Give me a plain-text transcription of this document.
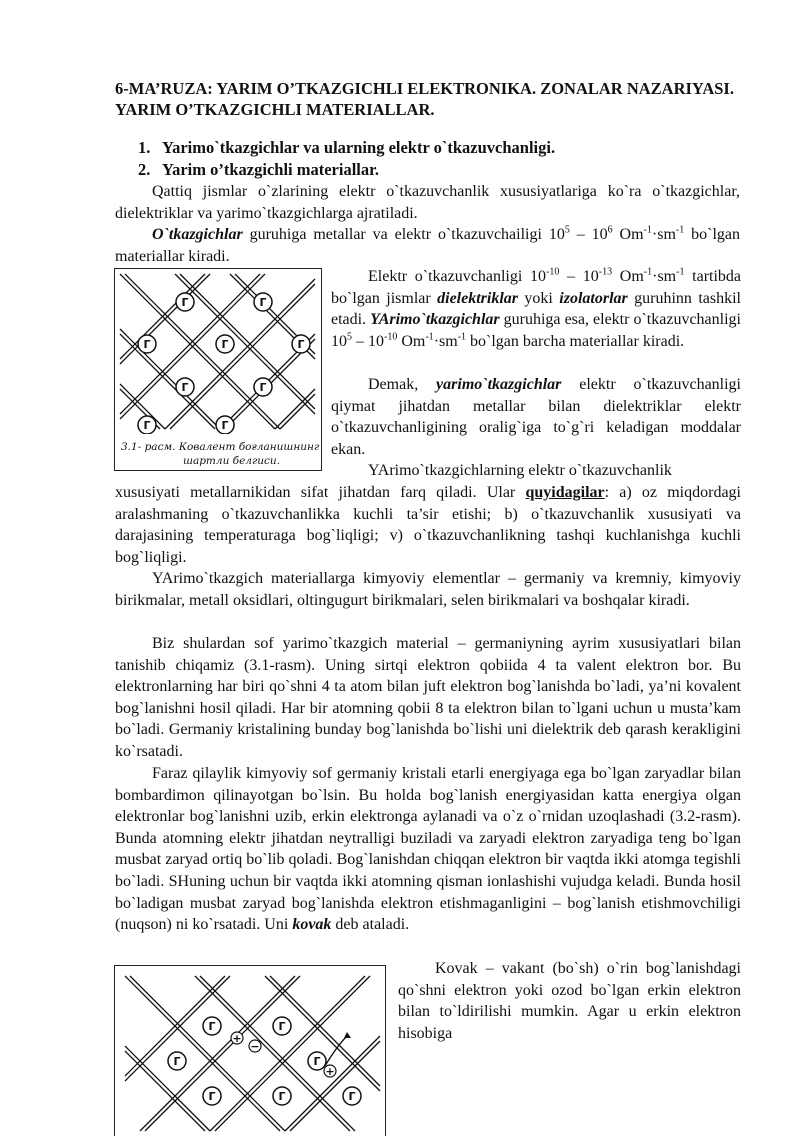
6-MA’RUZA: YARIM O’TKAZGICHLI ELEKTRONIKA. ZONALAR NAZARIYASI. YARIM O’TKAZGICHLI MATERIALLAR.
1. Yarimo`tkazgichlar va ularning elektr o`tkazuvchanligi.
2. Yarim o’tkazgichli materiallar.

Qattiq jismlar o`zlarining elektr o`tkazuvchanlik xususiyatlariga ko`ra o`tkazgichlar, dielektriklar va yarimo`tkazgichlarga ajratiladi.

O`tkazgichlar guruhiga metallar va elektr o`tkazuvchailigi $10^5 - 10^6$ $Om^{-1}\cdot sm^{-1}$ bo`lgan materiallar kiradi.

Г	Г
Г	Г	Г
Г	Г
Г	Г
3.1- расм. Ковалент боғланишнинг
шартли белгиси.

Elektr o`tkazuvchanligi $10^{-10} - 10^{-13}$ $Om^{-1}\cdot sm^{-1}$ tartibda bo`lgan jismlar dielektriklar yoki izolatorlar guruhinn tashkil etadi. YArimo`tkazgichlar guruhiga esa, elektr o`tkazuvchanligi $10^5 - 10^{-10}$ $Om^{-1}\cdot sm^{-1}$ bo`lgan barcha materiallar kiradi.

Demak, yarimo`tkazgichlar elektr o`tkazuvchanligi qiymat jihatdan metallar bilan dielektriklar elektr o`tkazuvchanligining oralig`iga to`g`ri keladigan moddalar ekan.

YArimo`tkazgichlarning elektr o`tkazuvchanlik

xususiyati metallarnikidan sifat jihatdan farq qiladi. Ular quyidagilar: a) oz miqdordagi aralashmaning o`tkazuvchanlikka kuchli ta’sir etishi; b) o`tkazuvchanlik xususiyati va darajasining temperaturaga bog`liqligi; v) o`tkazuvchanlikning tashqi kuchlanishga kuchli bog`liqligi.

YArimo`tkazgich materiallarga kimyoviy elementlar – germaniy va kremniy, kimyoviy birikmalar, metall oksidlari, oltingugurt birikmalari, selen birikmalari va boshqalar kiradi.

Biz shulardan sof yarimo`tkazgich material – germaniyning ayrim xususiyatlari bilan tanishib chiqamiz (3.1-rasm). Uning sirtqi elektron qobiida 4 ta valent elektron bor. Bu elektronlarning har biri qo`shni 4 ta atom bilan juft elektron bog`lanishda bo`ladi, ya’ni kovalent bog`lanishni hosil qiladi. Har bir atomning qobii 8 ta elektron bilan to`lgani uchun u musta’kam bo`ladi. Germaniy kristalining bunday bog`lanishda bo`lishi uni dielektrik deb qarash kerakligini ko`rsatadi.

Faraz qilaylik kimyoviy sof germaniy kristali etarli energiyaga ega bo`lgan zaryadlar bilan bombardimon qilinayotgan bo`lsin. Bu holda bog`lanish energiyasidan katta energiya olgan elektronlar bog`lanishni uzib, erkin elektronga aylanadi va o`z o`rnidan uzoqlashadi (3.2-rasm). Bunda atomning elektr jihatdan neytralligi buziladi va zaryadi elektron zaryadiga teng bo`lgan musbat zaryad ortiq bo`lib qoladi. Bog`lanishdan chiqqan elektron bir vaqtda ikki atomga tegishli bo`ladi. SHuning uchun bir vaqtda ikki atomning qisman ionlashishi vujudga keladi. Bunda hosil bo`ladigan musbat zaryad bog`lanishda elektron etishmaganligini – bog`lanish etishmovchiligi (nuqson) ni ko`rsatadi. Uni kovak deb ataladi.

Г	Г
Г	Г
Г	Г
Г
+
−
+

Kovak – vakant (bo`sh) o`rin bog`lanishdagi qo`shni elektron yoki ozod bo`lgan erkin elektron bilan to`ldirilishi mumkin. Agar u erkin elektron hisobiga
